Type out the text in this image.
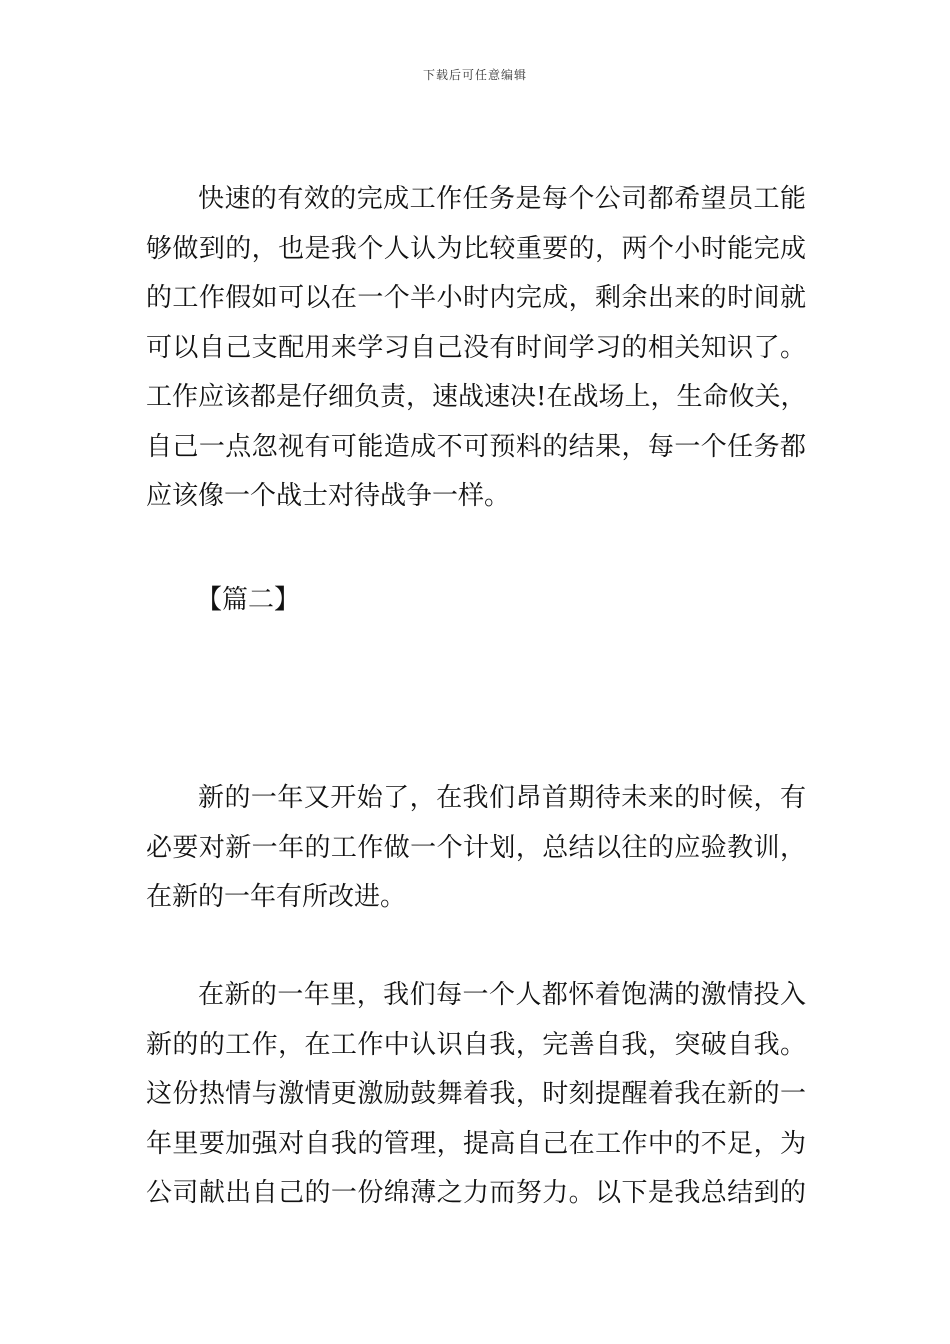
下载后可任意编辑
快速的有效的完成工作任务是每个公司都希望员工能
够做到的，也是我个人认为比较重要的，两个小时能完成
的工作假如可以在一个半小时内完成，剩余出来的时间就
可以自己支配用来学习自己没有时间学习的相关知识了。
工作应该都是仔细负责，速战速决!在战场上，生命攸关，
自己一点忽视有可能造成不可预料的结果，每一个任务都
应该像一个战士对待战争一样。
【篇二】
新的一年又开始了，在我们昂首期待未来的时候，有
必要对新一年的工作做一个计划，总结以往的应验教训，
在新的一年有所改进。
在新的一年里，我们每一个人都怀着饱满的激情投入
新的的工作，在工作中认识自我，完善自我，突破自我。
这份热情与激情更激励鼓舞着我，时刻提醒着我在新的一
年里要加强对自我的管理，提高自己在工作中的不足，为
公司献出自己的一份绵薄之力而努力。以下是我总结到的
